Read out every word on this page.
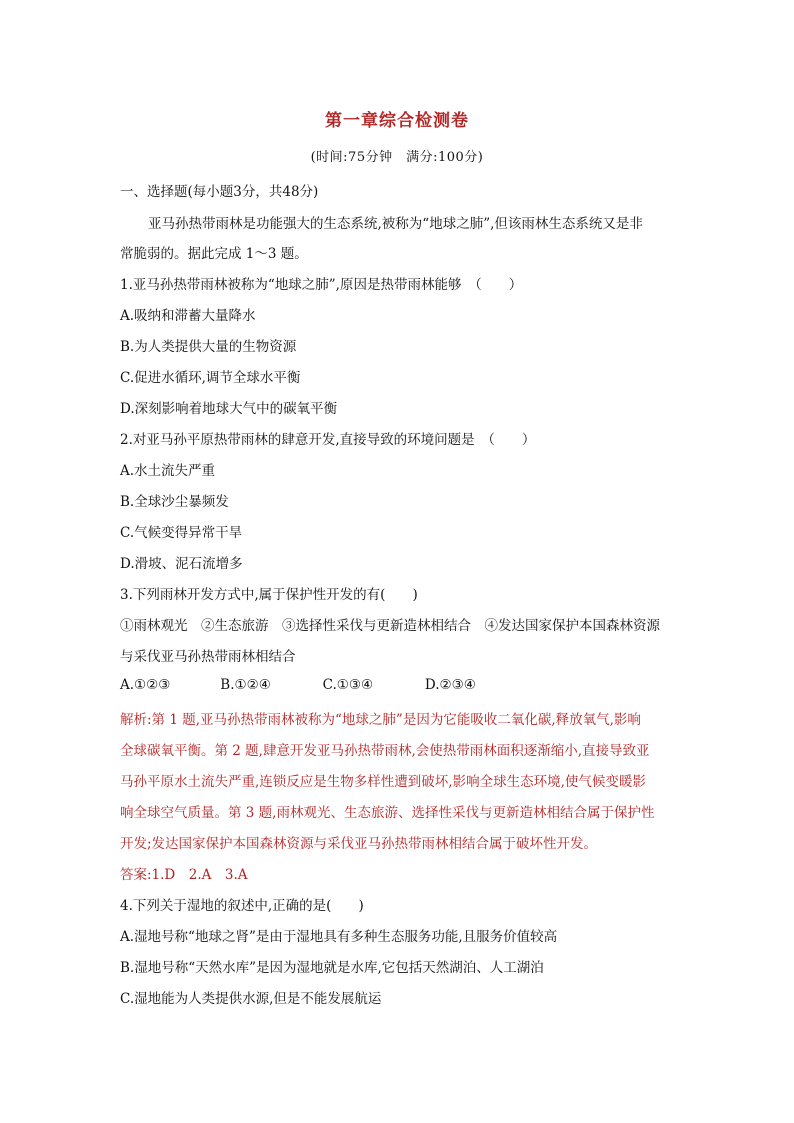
第一章综合检测卷
(时间:75分钟　满分:100分)
一、选择题(每小题3分，共48分)
亚马孙热带雨林是功能强大的生态系统,被称为“地球之肺”,但该雨林生态系统又是非
常脆弱的。据此完成 1～3 题。
1.亚马孙热带雨林被称为“地球之肺”,原因是热带雨林能够　（　　）
A.吸纳和滞蓄大量降水
B.为人类提供大量的生物资源
C.促进水循环,调节全球水平衡
D.深刻影响着地球大气中的碳氧平衡
2.对亚马孙平原热带雨林的肆意开发,直接导致的环境问题是　（　　）
A.水土流失严重
B.全球沙尘暴频发
C.气候变得异常干旱
D.滑坡、泥石流增多
3.下列雨林开发方式中,属于保护性开发的有(　　)
①雨林观光　②生态旅游　③选择性采伐与更新造林相结合　④发达国家保护本国森林资源
与采伐亚马孙热带雨林相结合
A.①②③	B.①②④	C.①③④	D.②③④
解析:第 1 题,亚马孙热带雨林被称为“地球之肺”是因为它能吸收二氧化碳,释放氧气,影响
全球碳氧平衡。第 2 题,肆意开发亚马孙热带雨林,会使热带雨林面积逐渐缩小,直接导致亚
马孙平原水土流失严重,连锁反应是生物多样性遭到破坏,影响全球生态环境,使气候变暖影
响全球空气质量。第 3 题,雨林观光、生态旅游、选择性采伐与更新造林相结合属于保护性
开发;发达国家保护本国森林资源与采伐亚马孙热带雨林相结合属于破坏性开发。
答案:1.D　2.A　3.A
4.下列关于湿地的叙述中,正确的是(　　)
A.湿地号称“地球之肾”是由于湿地具有多种生态服务功能,且服务价值较高
B.湿地号称“天然水库”是因为湿地就是水库,它包括天然湖泊、人工湖泊
C.湿地能为人类提供水源,但是不能发展航运
